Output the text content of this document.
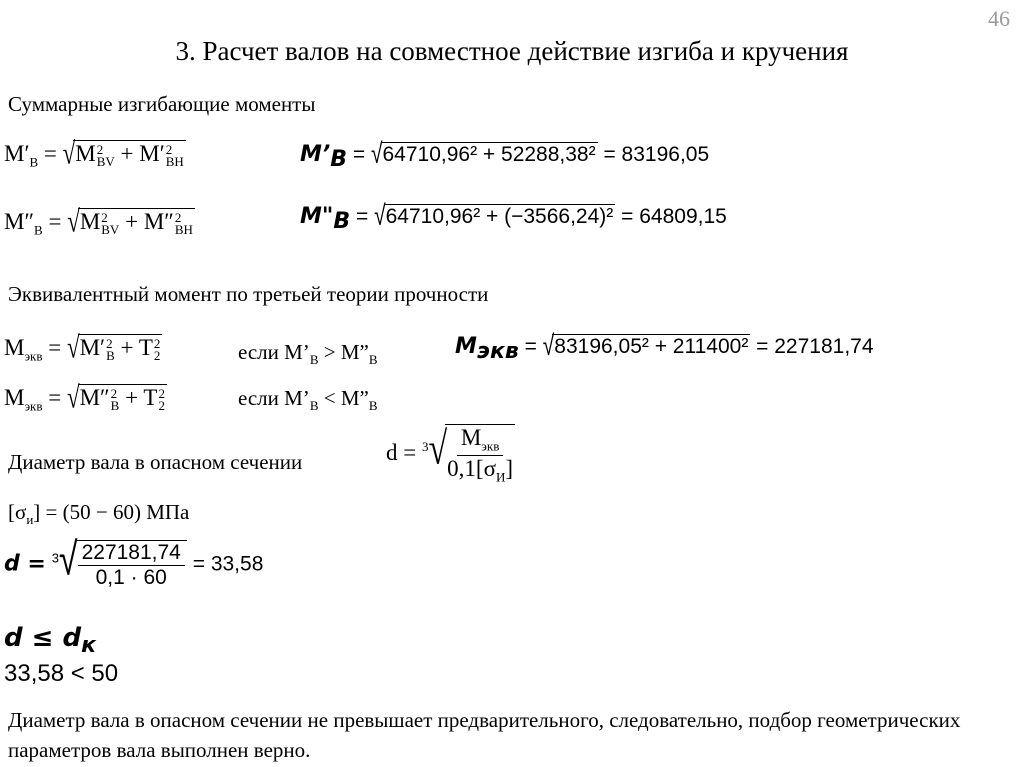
46
3. Расчет валов на совместное действие изгиба и кручения
Суммарные изгибающие моменты
$M'_B = √M$ 2
BV + M′ 2
BH	$M’_B = √64710,96^2 + 52288,38^2 = 83196,05$
$M''_B = √M$ 2
BV + M″ 2
BH
$M"_B = √64710,96^2 + (-3566,24)^2 = 64809,15$
Эквивалентный момент по третьей теории прочности
$M_{экв} = √M'$ 2
B + T 2
2	если $M’_B$ > $M”_B$
$M_{экв} = √83196,05^2 + 211400^2 = 227181,74$
$M_{экв} = √M''$ 2
B + T 2
2	если $M’_B$ < $M”_B$
Диаметр вала в опасном сечении	d = $^3$√
$\frac{M_{экв}}{0,1[\sigma_И]}$
$[\sigma_и] = (50 - 60)$ МПа
d = $^3$√
$\frac{227181,74}{0,1 \cdot 60} = 33,58$
$d \le d_к$
33,58 < 50
Диаметр вала в опасном сечении не превышает предварительного, следовательно, подбор геометрических параметров вала выполнен верно.
